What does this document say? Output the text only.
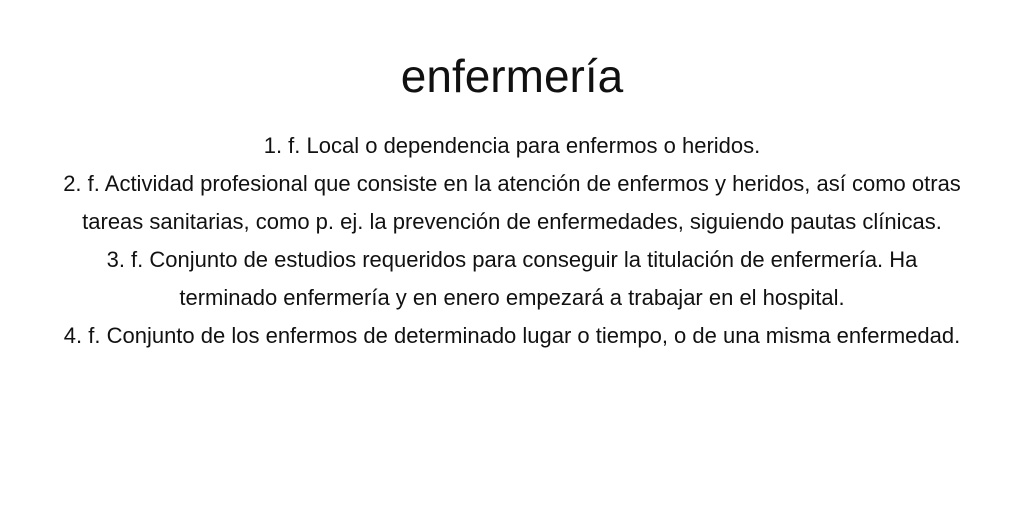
enfermería
1. f. Local o dependencia para enfermos o heridos.
2. f. Actividad profesional que consiste en la atención de enfermos y heridos, así como otras tareas sanitarias, como p. ej. la prevención de enfermedades, siguiendo pautas clínicas.
3. f. Conjunto de estudios requeridos para conseguir la titulación de enfermería. Ha terminado enfermería y en enero empezará a trabajar en el hospital.
4. f. Conjunto de los enfermos de determinado lugar o tiempo, o de una misma enfermedad.
